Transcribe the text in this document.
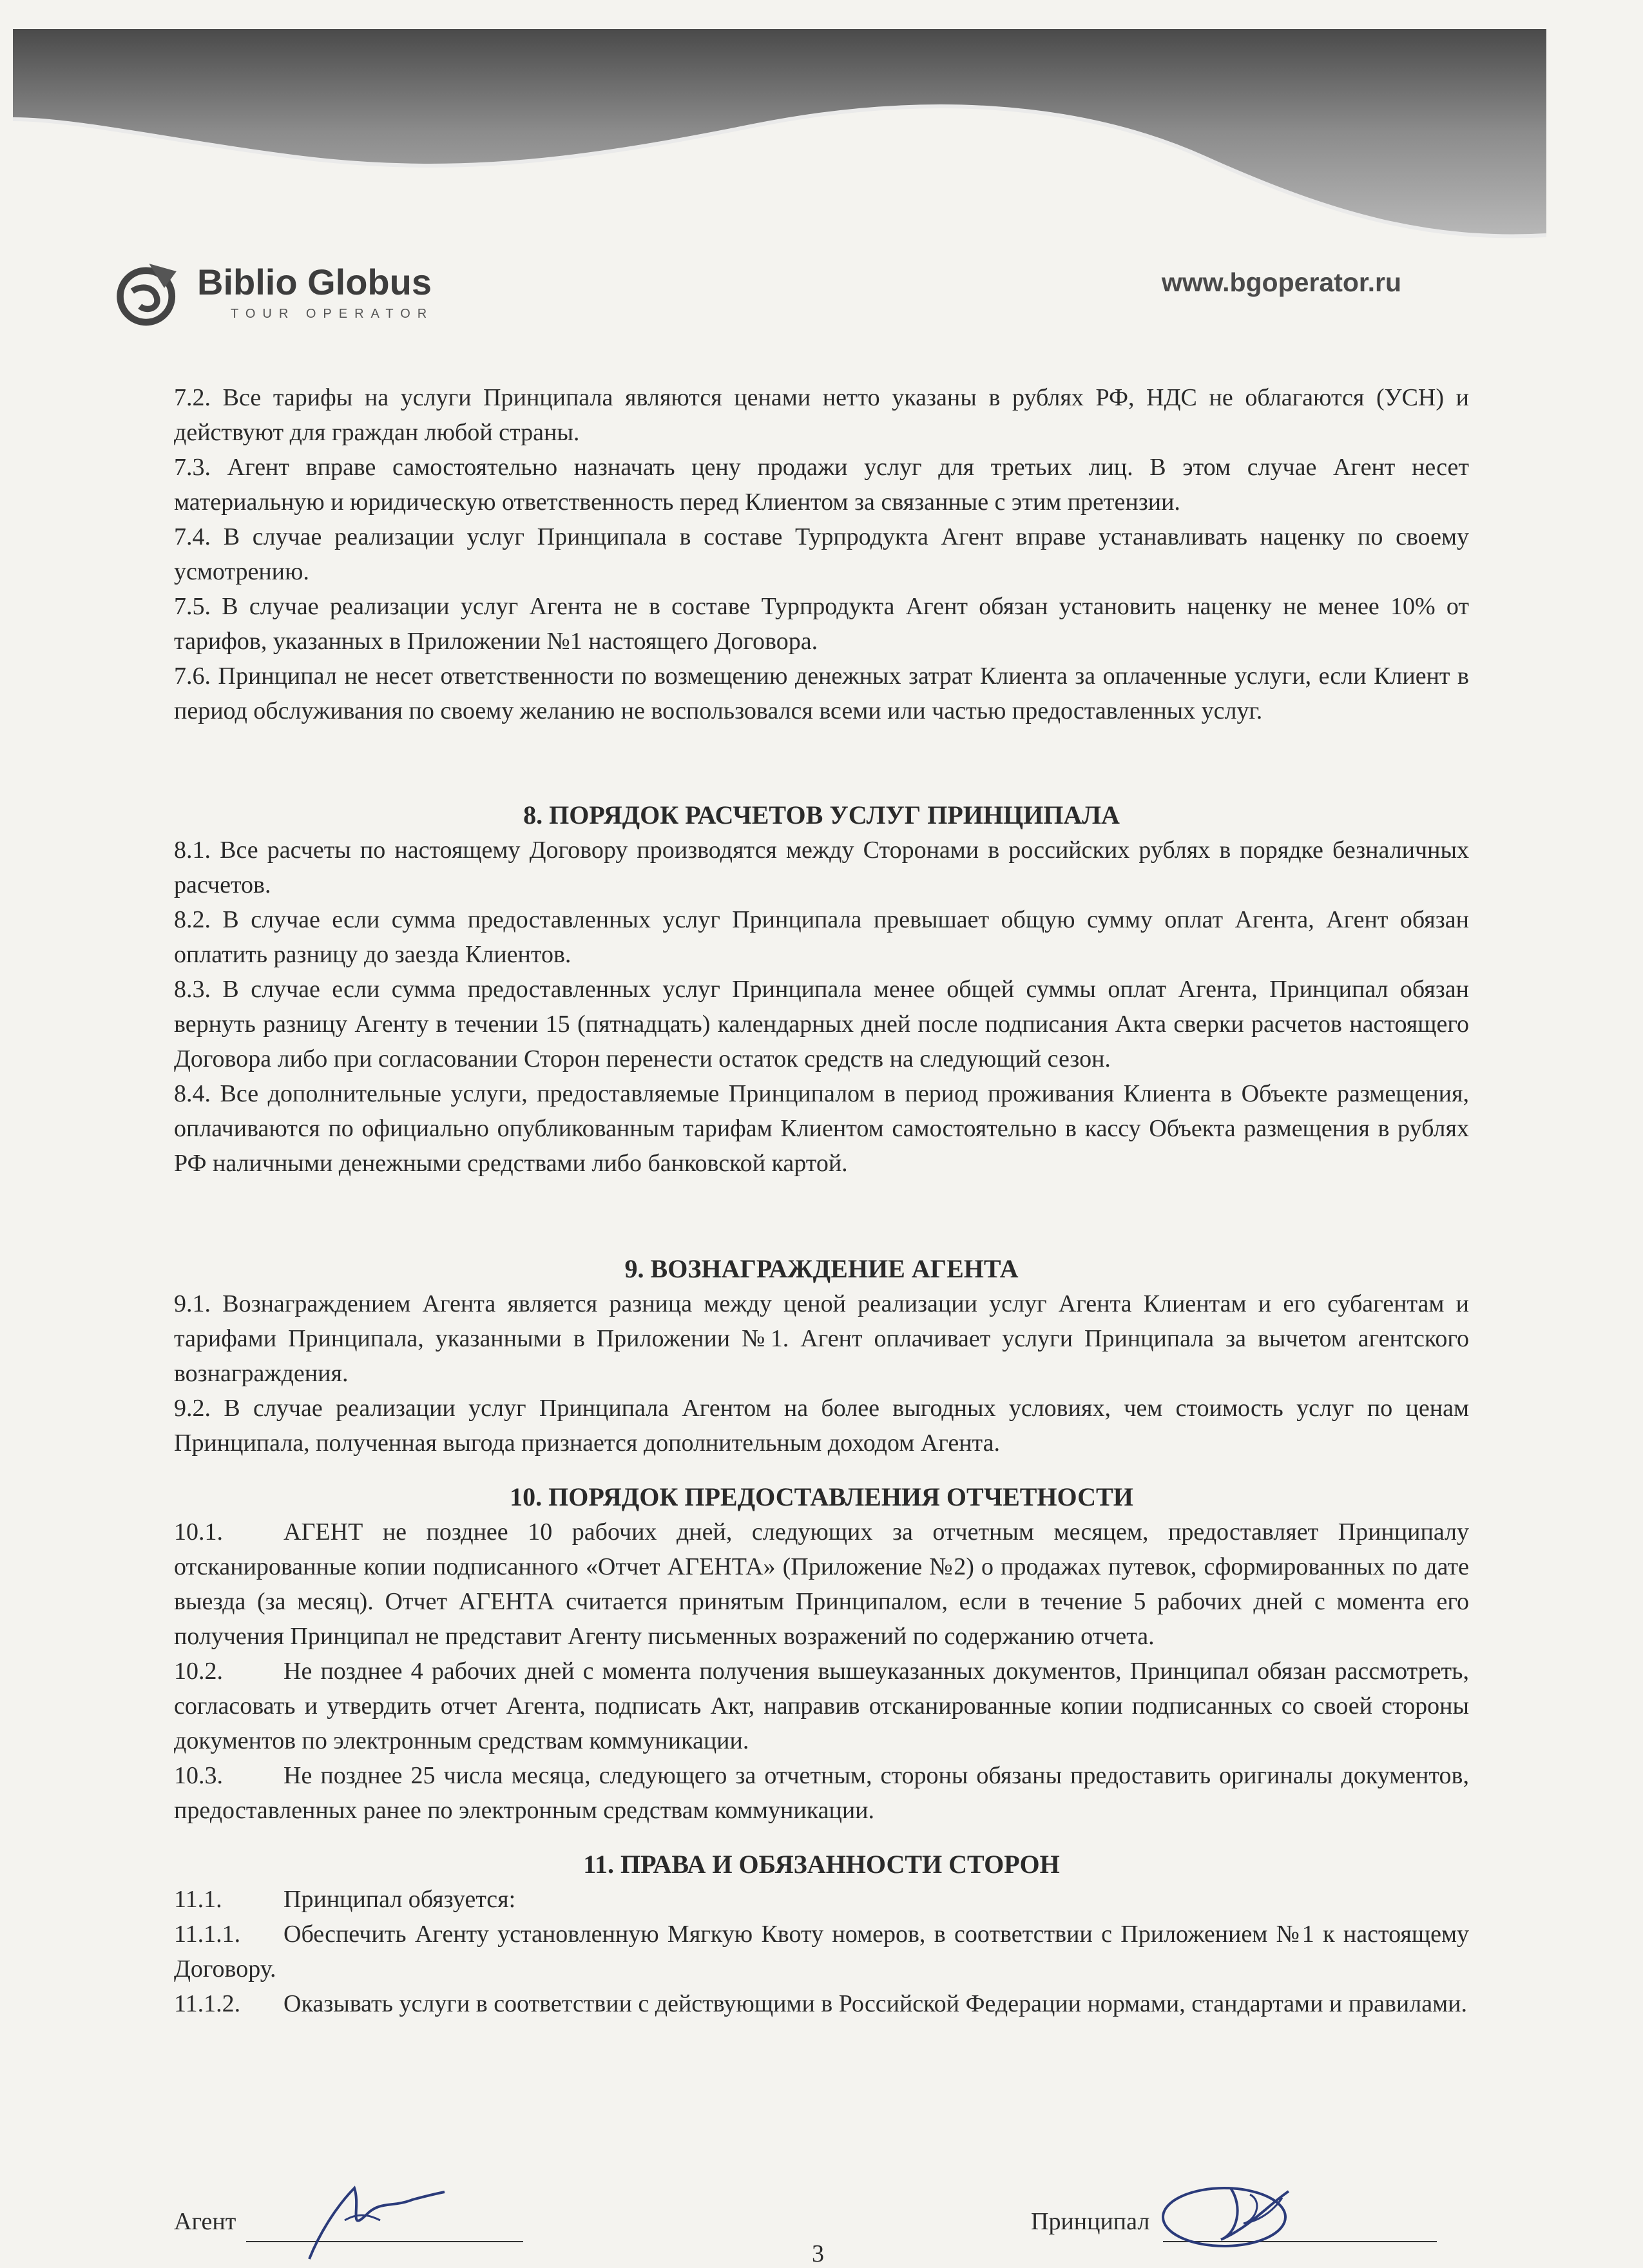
Biblio Globus
TOUR OPERATOR
www.bgoperator.ru

7.2. Все тарифы на услуги Принципала являются ценами нетто указаны в рублях РФ, НДС не облагаются (УСН) и действуют для граждан любой страны.

7.3. Агент вправе самостоятельно назначать цену продажи услуг для третьих лиц. В этом случае Агент несет материальную и юридическую ответственность перед Клиентом за связанные с этим претензии.

7.4. В случае реализации услуг Принципала в составе Турпродукта Агент вправе устанавливать наценку по своему усмотрению.

7.5. В случае реализации услуг Агента не в составе Турпродукта Агент обязан установить наценку не менее 10% от тарифов, указанных в Приложении №1 настоящего Договора.

7.6. Принципал не несет ответственности по возмещению денежных затрат Клиента за оплаченные услуги, если Клиент в период обслуживания по своему желанию не воспользовался всеми или частью предоставленных услуг.

8. ПОРЯДОК РАСЧЕТОВ УСЛУГ ПРИНЦИПАЛА

8.1. Все расчеты по настоящему Договору производятся между Сторонами в российских рублях в порядке безналичных расчетов.

8.2. В случае если сумма предоставленных услуг Принципала превышает общую сумму оплат Агента, Агент обязан оплатить разницу до заезда Клиентов.

8.3. В случае если сумма предоставленных услуг Принципала менее общей суммы оплат Агента, Принципал обязан вернуть разницу Агенту в течении 15 (пятнадцать) календарных дней после подписания Акта сверки расчетов настоящего Договора либо при согласовании Сторон перенести остаток средств на следующий сезон.

8.4. Все дополнительные услуги, предоставляемые Принципалом в период проживания Клиента в Объекте размещения, оплачиваются по официально опубликованным тарифам Клиентом самостоятельно в кассу Объекта размещения в рублях РФ наличными денежными средствами либо банковской картой.

9. ВОЗНАГРАЖДЕНИЕ АГЕНТА

9.1. Вознаграждением Агента является разница между ценой реализации услуг Агента Клиентам и его субагентам и тарифами Принципала, указанными в Приложении №1. Агент оплачивает услуги Принципала за вычетом агентского вознаграждения.

9.2. В случае реализации услуг Принципала Агентом на более выгодных условиях, чем стоимость услуг по ценам Принципала, полученная выгода признается дополнительным доходом Агента.

10. ПОРЯДОК ПРЕДОСТАВЛЕНИЯ ОТЧЕТНОСТИ

10.1. АГЕНТ не позднее 10 рабочих дней, следующих за отчетным месяцем, предоставляет Принципалу отсканированные копии подписанного «Отчет АГЕНТА» (Приложение №2) о продажах путевок, сформированных по дате выезда (за месяц). Отчет АГЕНТА считается принятым Принципалом, если в течение 5 рабочих дней с момента его получения Принципал не представит Агенту письменных возражений по содержанию отчета.

10.2. Не позднее 4 рабочих дней с момента получения вышеуказанных документов, Принципал обязан рассмотреть, согласовать и утвердить отчет Агента, подписать Акт, направив отсканированные копии подписанных со своей стороны документов по электронным средствам коммуникации.

10.3. Не позднее 25 числа месяца, следующего за отчетным, стороны обязаны предоставить оригиналы документов, предоставленных ранее по электронным средствам коммуникации.

11. ПРАВА И ОБЯЗАННОСТИ СТОРОН

11.1.	Принципал обязуется:

11.1.1. Обеспечить Агенту установленную Мягкую Квоту номеров, в соответствии с Приложением №1 к настоящему Договору.

11.1.2. Оказывать услуги в соответствии с действующими в Российской Федерации нормами, стандартами и правилами.

Агент	Принципал
3
